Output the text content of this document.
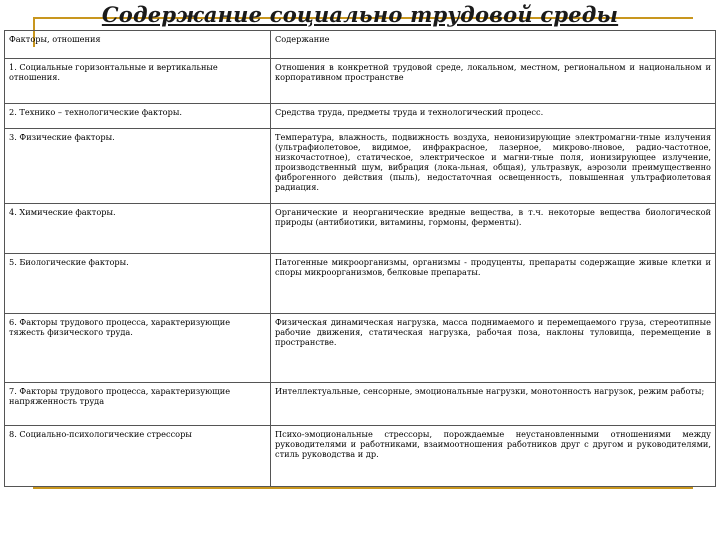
Содержание социально трудовой среды
Факторы, отношения	Содержание
1. Социальные горизонтальные и вертикальные отношения.	Отношения в конкретной трудовой среде, локальном, местном, региональном и национальном и корпоративном пространстве
2. Технико – технологические факторы.	Средства труда, предметы труда и технологический процесс.
3. Физические факторы.	Температура, влажность, подвижность воздуха, неионизирующие электромагни-тные излучения (ультрафиолетовое, видимое, инфракрасное, лазерное, микрово-лновое, радио-частотное, низкочастотное), статическое, электрическое и магни-тные поля, ионизирующее излучение, производственный шум, вибрация (лока-льная, общая), ультразвук, аэрозоли преимущественно фиброгенного действия (пыль), недостаточная освещенность, повышенная ультрафиолетовая радиация.
4. Химические факторы.	Органические и неорганические вредные вещества, в т.ч. некоторые вещества биологической природы (антибиотики, витамины, гормоны, ферменты).
5. Биологические факторы.	Патогенные микроорганизмы, организмы - продуценты, препараты содержащие живые клетки и споры микроорганизмов, белковые препараты.
6. Факторы трудового процесса, характеризующие тяжесть физического труда.	Физическая динамическая нагрузка, масса поднимаемого и перемещаемого груза, стереотипные рабочие движения, статическая нагрузка, рабочая поза, наклоны туловища, перемещение в пространстве.
7. Факторы трудового процесса, характеризующие напряженность труда	Интеллектуальные, сенсорные, эмоциональные нагрузки, монотонность нагрузок, режим работы;
8. Социально-психологические стрессоры	Психо-эмоциональные стрессоры, порождаемые неустановленными отношениями между руководителями и работниками, взаимоотношения работников друг с другом и руководителями, стиль руководства и др.
